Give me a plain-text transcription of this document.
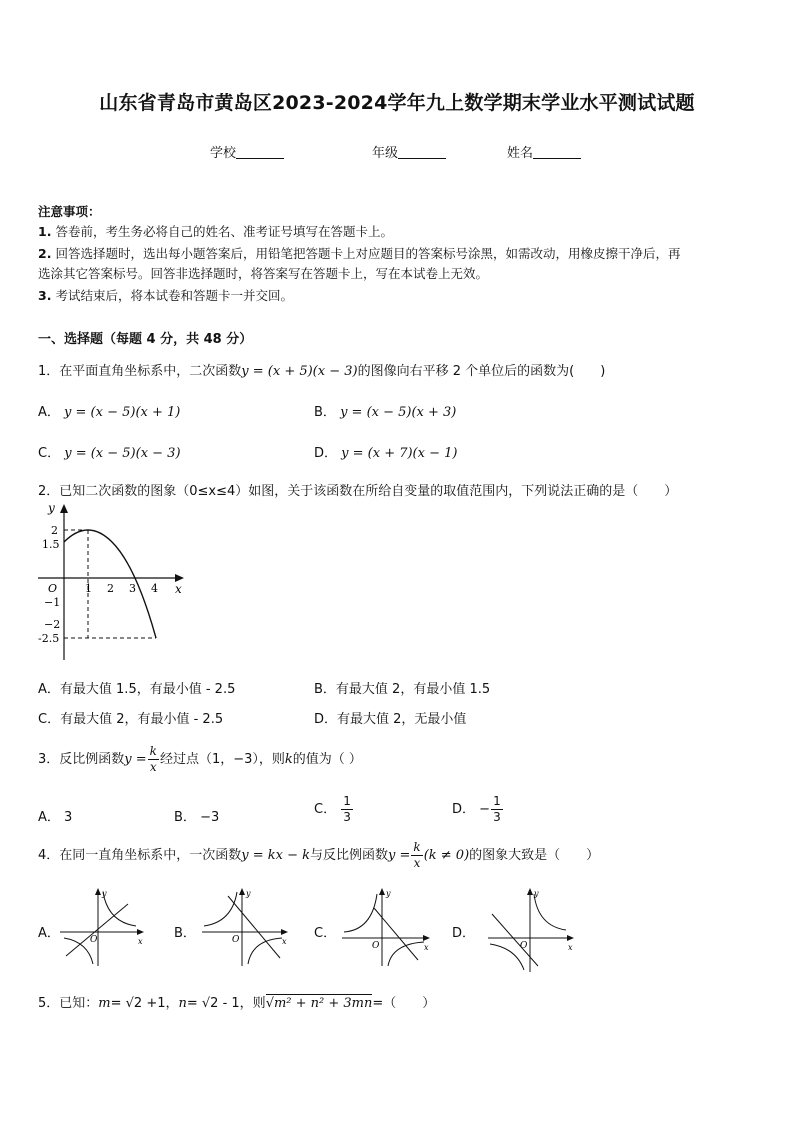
山东省青岛市黄岛区2023-2024学年九上数学期末学业水平测试试题
学校	年级	姓名
注意事项：
1. 答卷前，考生务必将自己的姓名、准考证号填写在答题卡上。
2. 回答选择题时，选出每小题答案后，用铅笔把答题卡上对应题目的答案标号涂黑，如需改动，用橡皮擦干净后，再
选涂其它答案标号。回答非选择题时，将答案写在答题卡上，写在本试卷上无效。
3. 考试结束后，将本试卷和答题卡一并交回。
一、选择题（每题 4 分，共 48 分）
1．在平面直角坐标系中，二次函数y = (x + 5)(x − 3)的图像向右平移 2 个单位后的函数为(　　)
A． y = (x − 5)(x + 1)	B． y = (x − 5)(x + 3)
C． y = (x − 5)(x − 3)	D． y = (x + 7)(x − 1)
2．已知二次函数的图象（0≤x≤4）如图，关于该函数在所给自变量的取值范围内，下列说法正确的是（　　）
y
x
O	1 2 3 4
2
1.5
−1
−2
-2.5
A．有最大值 1.5，有最小值 - 2.5	B．有最大值 2，有最小值 1.5
C．有最大值 2，有最小值 - 2.5	D．有最大值 2，无最小值
3．反比例函数$y = \frac{k}{x}$ 经过点（1，−3），则k的值为（ ）
A． 3	B． −3
C． $\frac{1}{3}$	D． − $\frac{1}{3}$
4．在同一直角坐标系中，一次函数y = kx − k与反比例函数$y = \frac{k}{x} (k \ne 0)$的图象大致是（　　）
A．
y
x
O	B．
y
x
O	C．
y
x
O
D．
y
x
O
5．已知：m= √2 +1，n= √2 - 1，则√m² + n² + 3mn=（　　）
